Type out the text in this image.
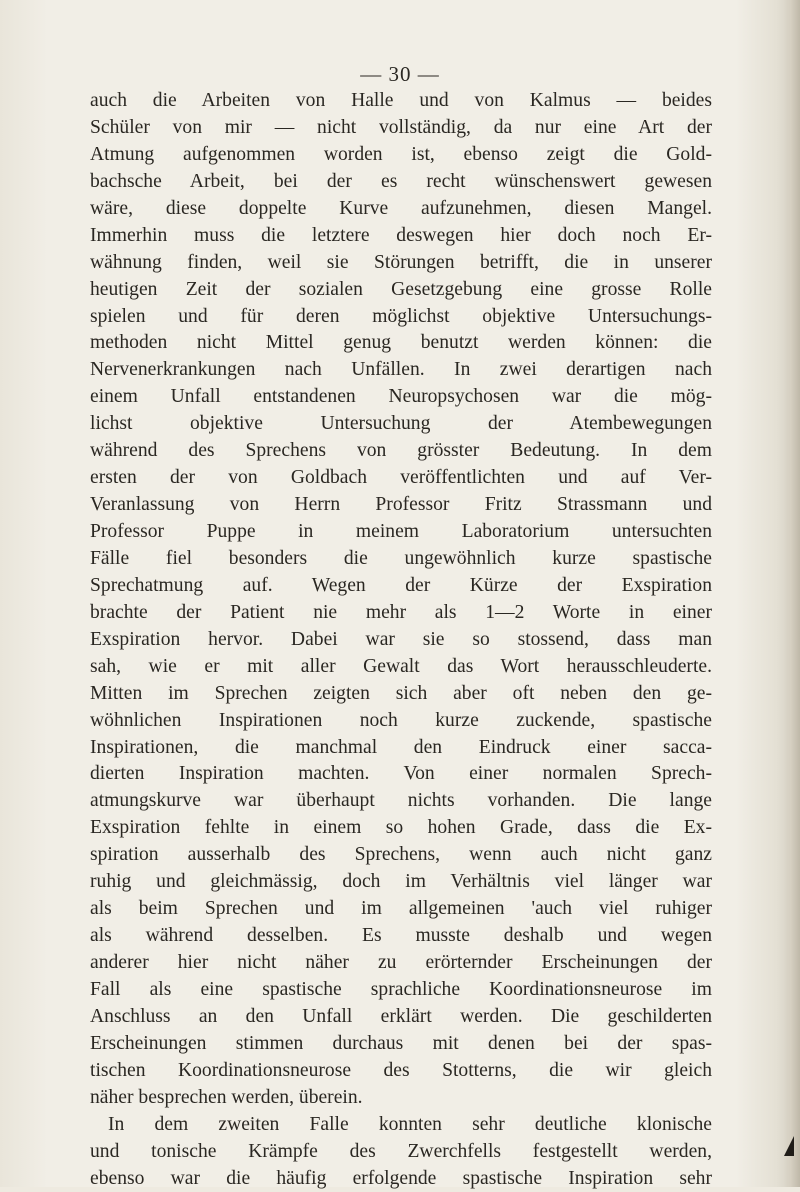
— 30 —
auch die Arbeiten von Halle und von Kalmus — beides
Schüler von mir — nicht vollständig, da nur eine Art der
Atmung aufgenommen worden ist, ebenso zeigt die Gold-
bachsche Arbeit, bei der es recht wünschenswert gewesen
wäre, diese doppelte Kurve aufzunehmen, diesen Mangel.
Immerhin muss die letztere deswegen hier doch noch Er-
wähnung finden, weil sie Störungen betrifft, die in unserer
heutigen Zeit der sozialen Gesetzgebung eine grosse Rolle
spielen und für deren möglichst objektive Untersuchungs-
methoden nicht Mittel genug benutzt werden können: die
Nervenerkrankungen nach Unfällen. In zwei derartigen nach
einem Unfall entstandenen Neuropsychosen war die mög-
lichst objektive Untersuchung der Atembewegungen
während des Sprechens von grösster Bedeutung. In dem
ersten der von Goldbach veröffentlichten und auf Ver-
Veranlassung von Herrn Professor Fritz Strassmann und
Professor Puppe in meinem Laboratorium untersuchten
Fälle fiel besonders die ungewöhnlich kurze spastische
Sprechatmung auf. Wegen der Kürze der Exspiration
brachte der Patient nie mehr als 1—2 Worte in einer
Exspiration hervor. Dabei war sie so stossend, dass man
sah, wie er mit aller Gewalt das Wort herausschleuderte.
Mitten im Sprechen zeigten sich aber oft neben den ge-
wöhnlichen Inspirationen noch kurze zuckende, spastische
Inspirationen, die manchmal den Eindruck einer sacca-
dierten Inspiration machten. Von einer normalen Sprech-
atmungskurve war überhaupt nichts vorhanden. Die lange
Exspiration fehlte in einem so hohen Grade, dass die Ex-
spiration ausserhalb des Sprechens, wenn auch nicht ganz
ruhig und gleichmässig, doch im Verhältnis viel länger war
als beim Sprechen und im allgemeinen 'auch viel ruhiger
als während desselben. Es musste deshalb und wegen
anderer hier nicht näher zu erörternder Erscheinungen der
Fall als eine spastische sprachliche Koordinationsneurose im
Anschluss an den Unfall erklärt werden. Die geschilderten
Erscheinungen stimmen durchaus mit denen bei der spas-
tischen Koordinationsneurose des Stotterns, die wir gleich
näher besprechen werden, überein.
In dem zweiten Falle konnten sehr deutliche klonische
und tonische Krämpfe des Zwerchfells festgestellt werden,
ebenso war die häufig erfolgende spastische Inspiration sehr
